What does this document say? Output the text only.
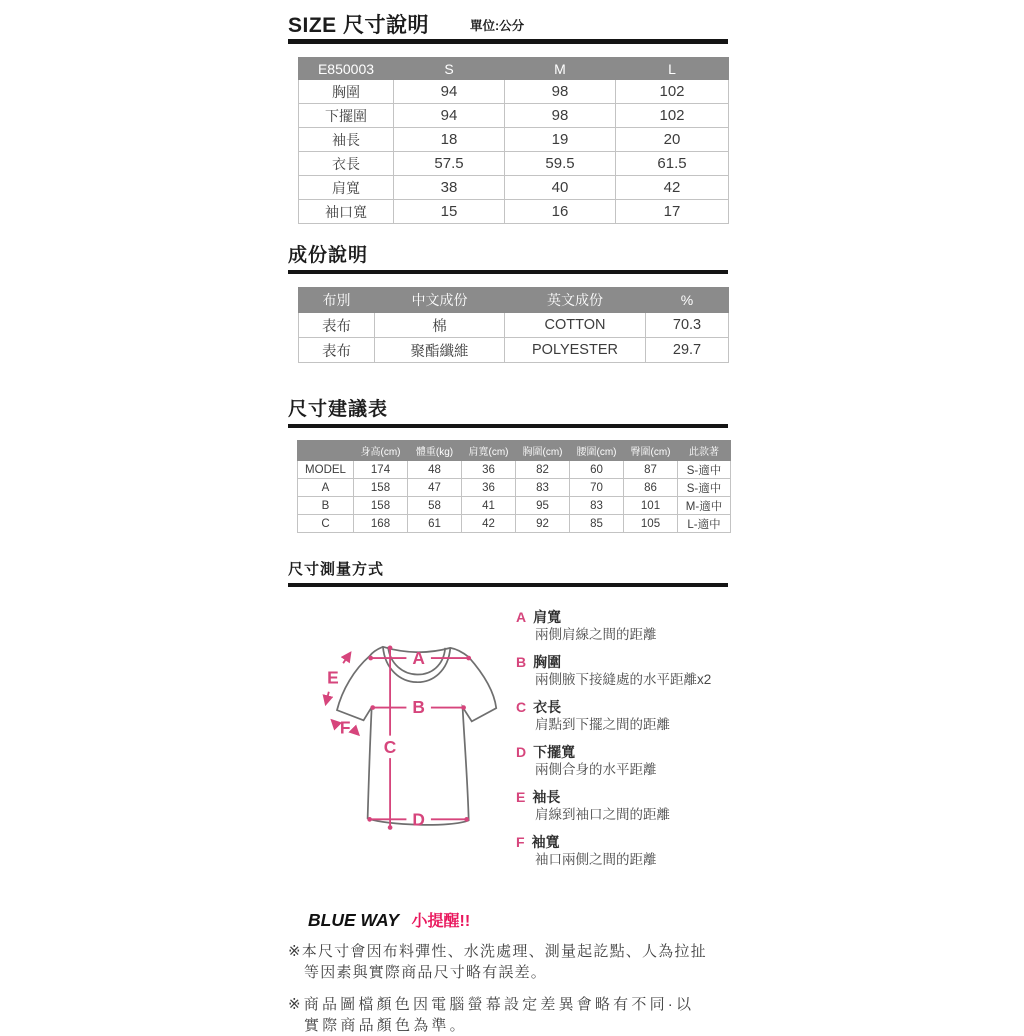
SIZE 尺寸說明	單位:公分
E850003	S	M	L
胸圍	94	98	102
下擺圍	94	98	102
袖長	18	19	20
衣長	57.5	59.5	61.5
肩寬	38	40	42
袖口寬	15	16	17
成份說明
布別	中文成份	英文成份	%
表布	棉	COTTON	70.3
表布	聚酯纖維	POLYESTER	29.7
尺寸建議表
	身高(cm)	體重(kg)	肩寬(cm)	胸圍(cm)	腰圍(cm)	臀圍(cm)	此款著
MODEL	174	48	36	82	60	87	S-適中
A	158	47	36	83	70	86	S-適中
B	158	58	41	95	83	101	M-適中
C	168	61	42	92	85	105	L-適中
尺寸測量方式
A
B
C
D
E
F
A 肩寬
兩側肩線之間的距離
B 胸圍
兩側腋下接縫處的水平距離x2
C 衣長
肩點到下擺之間的距離
D 下擺寬
兩側合身的水平距離
E 袖長
肩線到袖口之間的距離
F 袖寬
袖口兩側之間的距離
BLUE WAY 小提醒!!
※本尺寸會因布料彈性、水洗處理、測量起訖點、人為拉扯
等因素與實際商品尺寸略有誤差。
※商品圖檔顏色因電腦螢幕設定差異會略有不同·以
實際商品顏色為準。
